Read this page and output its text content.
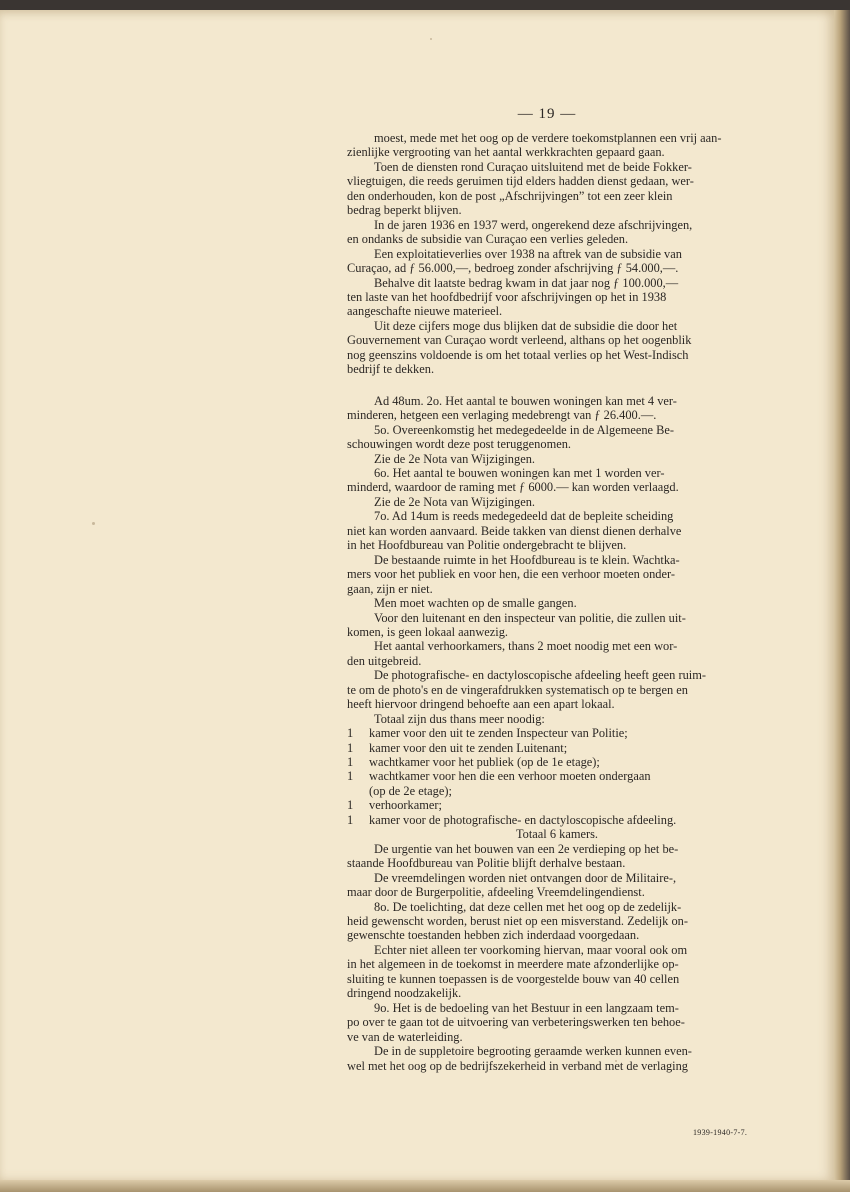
— 19 —
moest, mede met het oog op de verdere toekomstplannen een vrij aan-
zienlijke vergrooting van het aantal werkkrachten gepaard gaan.
Toen de diensten rond Curaçao uitsluitend met de beide Fokker-
vliegtuigen, die reeds geruimen tijd elders hadden dienst gedaan, wer-
den onderhouden, kon de post „Afschrijvingen” tot een zeer klein
bedrag beperkt blijven.
In de jaren 1936 en 1937 werd, ongerekend deze afschrijvingen,
en ondanks de subsidie van Curaçao een verlies geleden.
Een exploitatieverlies over 1938 na aftrek van de subsidie van
Curaçao, ad ƒ 56.000,—, bedroeg zonder afschrijving ƒ 54.000,—.
Behalve dit laatste bedrag kwam in dat jaar nog ƒ 100.000,—
ten laste van het hoofdbedrijf voor afschrijvingen op het in 1938
aangeschafte nieuwe materieel.
Uit deze cijfers moge dus blijken dat de subsidie die door het
Gouvernement van Curaçao wordt verleend, althans op het oogenblik
nog geenszins voldoende is om het totaal verlies op het West-Indisch
bedrijf te dekken.
Ad 48um. 2o. Het aantal te bouwen woningen kan met 4 ver-
minderen, hetgeen een verlaging medebrengt van ƒ 26.400.—.
5o. Overeenkomstig het medegedeelde in de Algemeene Be-
schouwingen wordt deze post teruggenomen.
Zie de 2e Nota van Wijzigingen.
6o. Het aantal te bouwen woningen kan met 1 worden ver-
minderd, waardoor de raming met ƒ 6000.— kan worden verlaagd.
Zie de 2e Nota van Wijzigingen.
7o. Ad 14um is reeds medegedeeld dat de bepleite scheiding
niet kan worden aanvaard. Beide takken van dienst dienen derhalve
in het Hoofdbureau van Politie ondergebracht te blijven.
De bestaande ruimte in het Hoofdbureau is te klein. Wachtka-
mers voor het publiek en voor hen, die een verhoor moeten onder-
gaan, zijn er niet.
Men moet wachten op de smalle gangen.
Voor den luitenant en den inspecteur van politie, die zullen uit-
komen, is geen lokaal aanwezig.
Het aantal verhoorkamers, thans 2 moet noodig met een wor-
den uitgebreid.
De photografische- en dactyloscopische afdeeling heeft geen ruim-
te om de photo's en de vingerafdrukken systematisch op te bergen en
heeft hiervoor dringend behoefte aan een apart lokaal.
Totaal zijn dus thans meer noodig:
1	kamer voor den uit te zenden Inspecteur van Politie;
1	kamer voor den uit te zenden Luitenant;
1	wachtkamer voor het publiek (op de 1e etage);
1	wachtkamer voor hen die een verhoor moeten ondergaan
(op de 2e etage);
1	verhoorkamer;
1	kamer voor de photografische- en dactyloscopische afdeeling.
Totaal 6 kamers.
De urgentie van het bouwen van een 2e verdieping op het be-
staande Hoofdbureau van Politie blijft derhalve bestaan.
De vreemdelingen worden niet ontvangen door de Militaire-,
maar door de Burgerpolitie, afdeeling Vreemdelingendienst.
8o. De toelichting, dat deze cellen met het oog op de zedelijk-
heid gewenscht worden, berust niet op een misverstand. Zedelijk on-
gewenschte toestanden hebben zich inderdaad voorgedaan.
Echter niet alleen ter voorkoming hiervan, maar vooral ook om
in het algemeen in de toekomst in meerdere mate afzonderlijke op-
sluiting te kunnen toepassen is de voorgestelde bouw van 40 cellen
dringend noodzakelijk.
9o. Het is de bedoeling van het Bestuur in een langzaam tem-
po over te gaan tot de uitvoering van verbeteringswerken ten behoe-
ve van de waterleiding.
De in de suppletoire begrooting geraamde werken kunnen even-
wel met het oog op de bedrijfszekerheid in verband met de verlaging
1939-1940-7-7.
